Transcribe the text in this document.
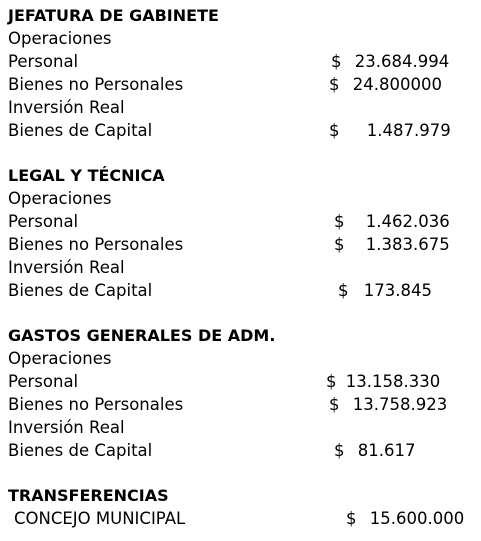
JEFATURA DE GABINETE
Operaciones
Personal	$ 23.684.994
Bienes no Personales	$ 24.800000
Inversión Real
Bienes de Capital	$ 1.487.979
LEGAL Y TÉCNICA
Operaciones
Personal	$ 1.462.036
Bienes no Personales	$ 1.383.675
Inversión Real
Bienes de Capital	$ 173.845
GASTOS GENERALES DE ADM.
Operaciones
Personal	$ 13.158.330
Bienes no Personales	$ 13.758.923
Inversión Real
Bienes de Capital	$ 81.617
TRANSFERENCIAS
CONCEJO MUNICIPAL	$ 15.600.000
